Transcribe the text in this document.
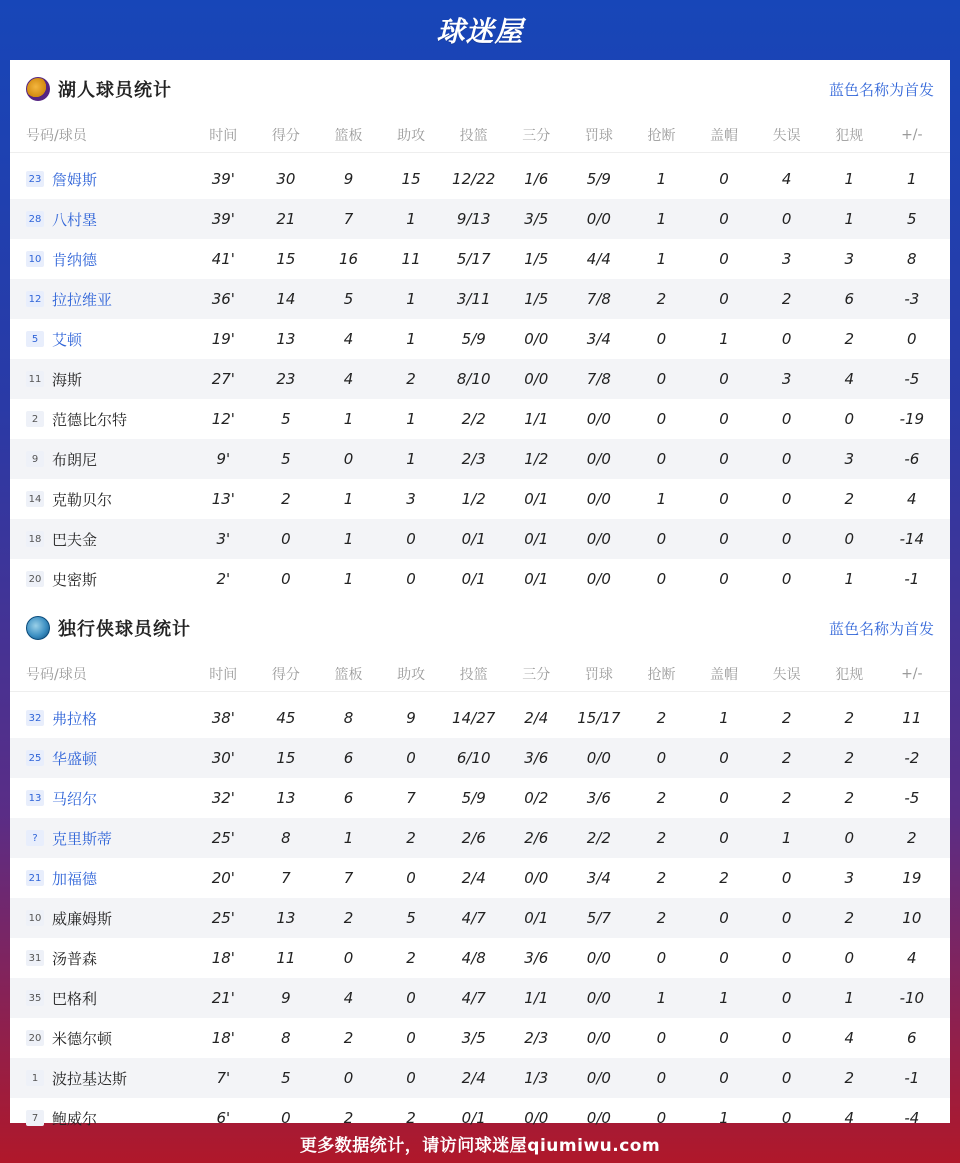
球迷屋
湖人球员统计	蓝色名称为首发
号码/球员	时间	得分	篮板	助攻	投篮	三分	罚球	抢断	盖帽	失误	犯规	+/-
23 詹姆斯	39'	30	9	15	12/22	1/6	5/9	1	0	4	1	1
28 八村塁	39'	21	7	1	9/13	3/5	0/0	1	0	0	1	5
10 肯纳德	41'	15	16	11	5/17	1/5	4/4	1	0	3	3	8
12 拉拉维亚	36'	14	5	1	3/11	1/5	7/8	2	0	2	6	-3
5 艾顿	19'	13	4	1	5/9	0/0	3/4	0	1	0	2	0
11 海斯	27'	23	4	2	8/10	0/0	7/8	0	0	3	4	-5
2 范德比尔特	12'	5	1	1	2/2	1/1	0/0	0	0	0	0	-19
9 布朗尼	9'	5	0	1	2/3	1/2	0/0	0	0	0	3	-6
14 克勒贝尔	13'	2	1	3	1/2	0/1	0/0	1	0	0	2	4
18 巴夫金	3'	0	1	0	0/1	0/1	0/0	0	0	0	0	-14
20 史密斯	2'	0	1	0	0/1	0/1	0/0	0	0	0	1	-1
独行侠球员统计	蓝色名称为首发
号码/球员	时间	得分	篮板	助攻	投篮	三分	罚球	抢断	盖帽	失误	犯规	+/-
32 弗拉格	38'	45	8	9	14/27	2/4	15/17	2	1	2	2	11
25 华盛顿	30'	15	6	0	6/10	3/6	0/0	0	0	2	2	-2
13 马绍尔	32'	13	6	7	5/9	0/2	3/6	2	0	2	2	-5
? 克里斯蒂	25'	8	1	2	2/6	2/6	2/2	2	0	1	0	2
21 加福德	20'	7	7	0	2/4	0/0	3/4	2	2	0	3	19
10 威廉姆斯	25'	13	2	5	4/7	0/1	5/7	2	0	0	2	10
31 汤普森	18'	11	0	2	4/8	3/6	0/0	0	0	0	0	4
35 巴格利	21'	9	4	0	4/7	1/1	0/0	1	1	0	1	-10
20 米德尔顿	18'	8	2	0	3/5	2/3	0/0	0	0	0	4	6
1 波拉基达斯	7'	5	0	0	2/4	1/3	0/0	0	0	0	2	-1
7 鲍威尔	6'	0	2	2	0/1	0/0	0/0	0	1	0	4	-4
更多数据统计，请访问球迷屋qiumiwu.com
